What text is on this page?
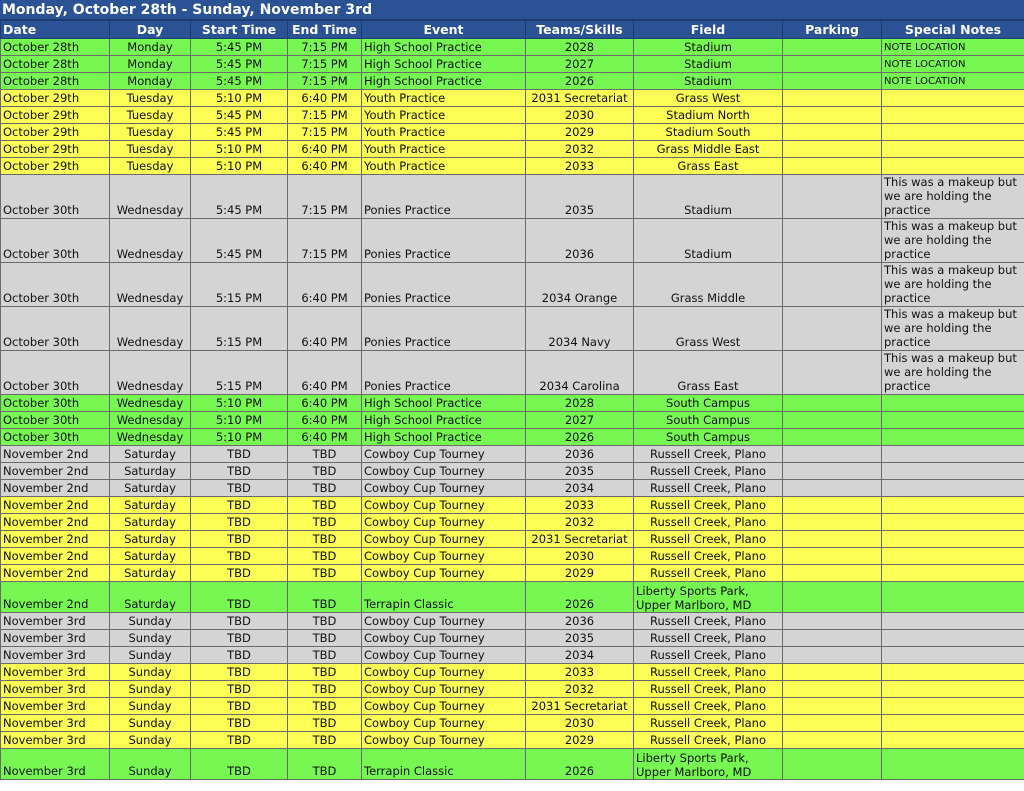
Monday, October 28th - Sunday, November 3rd
Date	Day	Start Time	End Time	Event	Teams/Skills	Field	Parking	Special Notes
October 28th	Monday	5:45 PM	7:15 PM	High School Practice	2028	Stadium		NOTE LOCATION
October 28th	Monday	5:45 PM	7:15 PM	High School Practice	2027	Stadium		NOTE LOCATION
October 28th	Monday	5:45 PM	7:15 PM	High School Practice	2026	Stadium		NOTE LOCATION
October 29th	Tuesday	5:10 PM	6:40 PM	Youth Practice	2031 Secretariat	Grass West		
October 29th	Tuesday	5:45 PM	7:15 PM	Youth Practice	2030	Stadium North		
October 29th	Tuesday	5:45 PM	7:15 PM	Youth Practice	2029	Stadium South		
October 29th	Tuesday	5:10 PM	6:40 PM	Youth Practice	2032	Grass Middle East		
October 29th	Tuesday	5:10 PM	6:40 PM	Youth Practice	2033	Grass East		
October 30th	Wednesday	5:45 PM	7:15 PM	Ponies Practice	2035	Stadium		This was a makeup but we are holding the practice
October 30th	Wednesday	5:45 PM	7:15 PM	Ponies Practice	2036	Stadium		This was a makeup but we are holding the practice
October 30th	Wednesday	5:15 PM	6:40 PM	Ponies Practice	2034 Orange	Grass Middle		This was a makeup but we are holding the practice
October 30th	Wednesday	5:15 PM	6:40 PM	Ponies Practice	2034 Navy	Grass West		This was a makeup but we are holding the practice
October 30th	Wednesday	5:15 PM	6:40 PM	Ponies Practice	2034 Carolina	Grass East		This was a makeup but we are holding the practice
October 30th	Wednesday	5:10 PM	6:40 PM	High School Practice	2028	South Campus		
October 30th	Wednesday	5:10 PM	6:40 PM	High School Practice	2027	South Campus		
October 30th	Wednesday	5:10 PM	6:40 PM	High School Practice	2026	South Campus		
November 2nd	Saturday	TBD	TBD	Cowboy Cup Tourney	2036	Russell Creek, Plano		
November 2nd	Saturday	TBD	TBD	Cowboy Cup Tourney	2035	Russell Creek, Plano		
November 2nd	Saturday	TBD	TBD	Cowboy Cup Tourney	2034	Russell Creek, Plano		
November 2nd	Saturday	TBD	TBD	Cowboy Cup Tourney	2033	Russell Creek, Plano		
November 2nd	Saturday	TBD	TBD	Cowboy Cup Tourney	2032	Russell Creek, Plano		
November 2nd	Saturday	TBD	TBD	Cowboy Cup Tourney	2031 Secretariat	Russell Creek, Plano		
November 2nd	Saturday	TBD	TBD	Cowboy Cup Tourney	2030	Russell Creek, Plano		
November 2nd	Saturday	TBD	TBD	Cowboy Cup Tourney	2029	Russell Creek, Plano		
November 2nd	Saturday	TBD	TBD	Terrapin Classic	2026	Liberty Sports Park, Upper Marlboro, MD		
November 3rd	Sunday	TBD	TBD	Cowboy Cup Tourney	2036	Russell Creek, Plano		
November 3rd	Sunday	TBD	TBD	Cowboy Cup Tourney	2035	Russell Creek, Plano		
November 3rd	Sunday	TBD	TBD	Cowboy Cup Tourney	2034	Russell Creek, Plano		
November 3rd	Sunday	TBD	TBD	Cowboy Cup Tourney	2033	Russell Creek, Plano		
November 3rd	Sunday	TBD	TBD	Cowboy Cup Tourney	2032	Russell Creek, Plano		
November 3rd	Sunday	TBD	TBD	Cowboy Cup Tourney	2031 Secretariat	Russell Creek, Plano		
November 3rd	Sunday	TBD	TBD	Cowboy Cup Tourney	2030	Russell Creek, Plano		
November 3rd	Sunday	TBD	TBD	Cowboy Cup Tourney	2029	Russell Creek, Plano		
November 3rd	Sunday	TBD	TBD	Terrapin Classic	2026	Liberty Sports Park, Upper Marlboro, MD		
